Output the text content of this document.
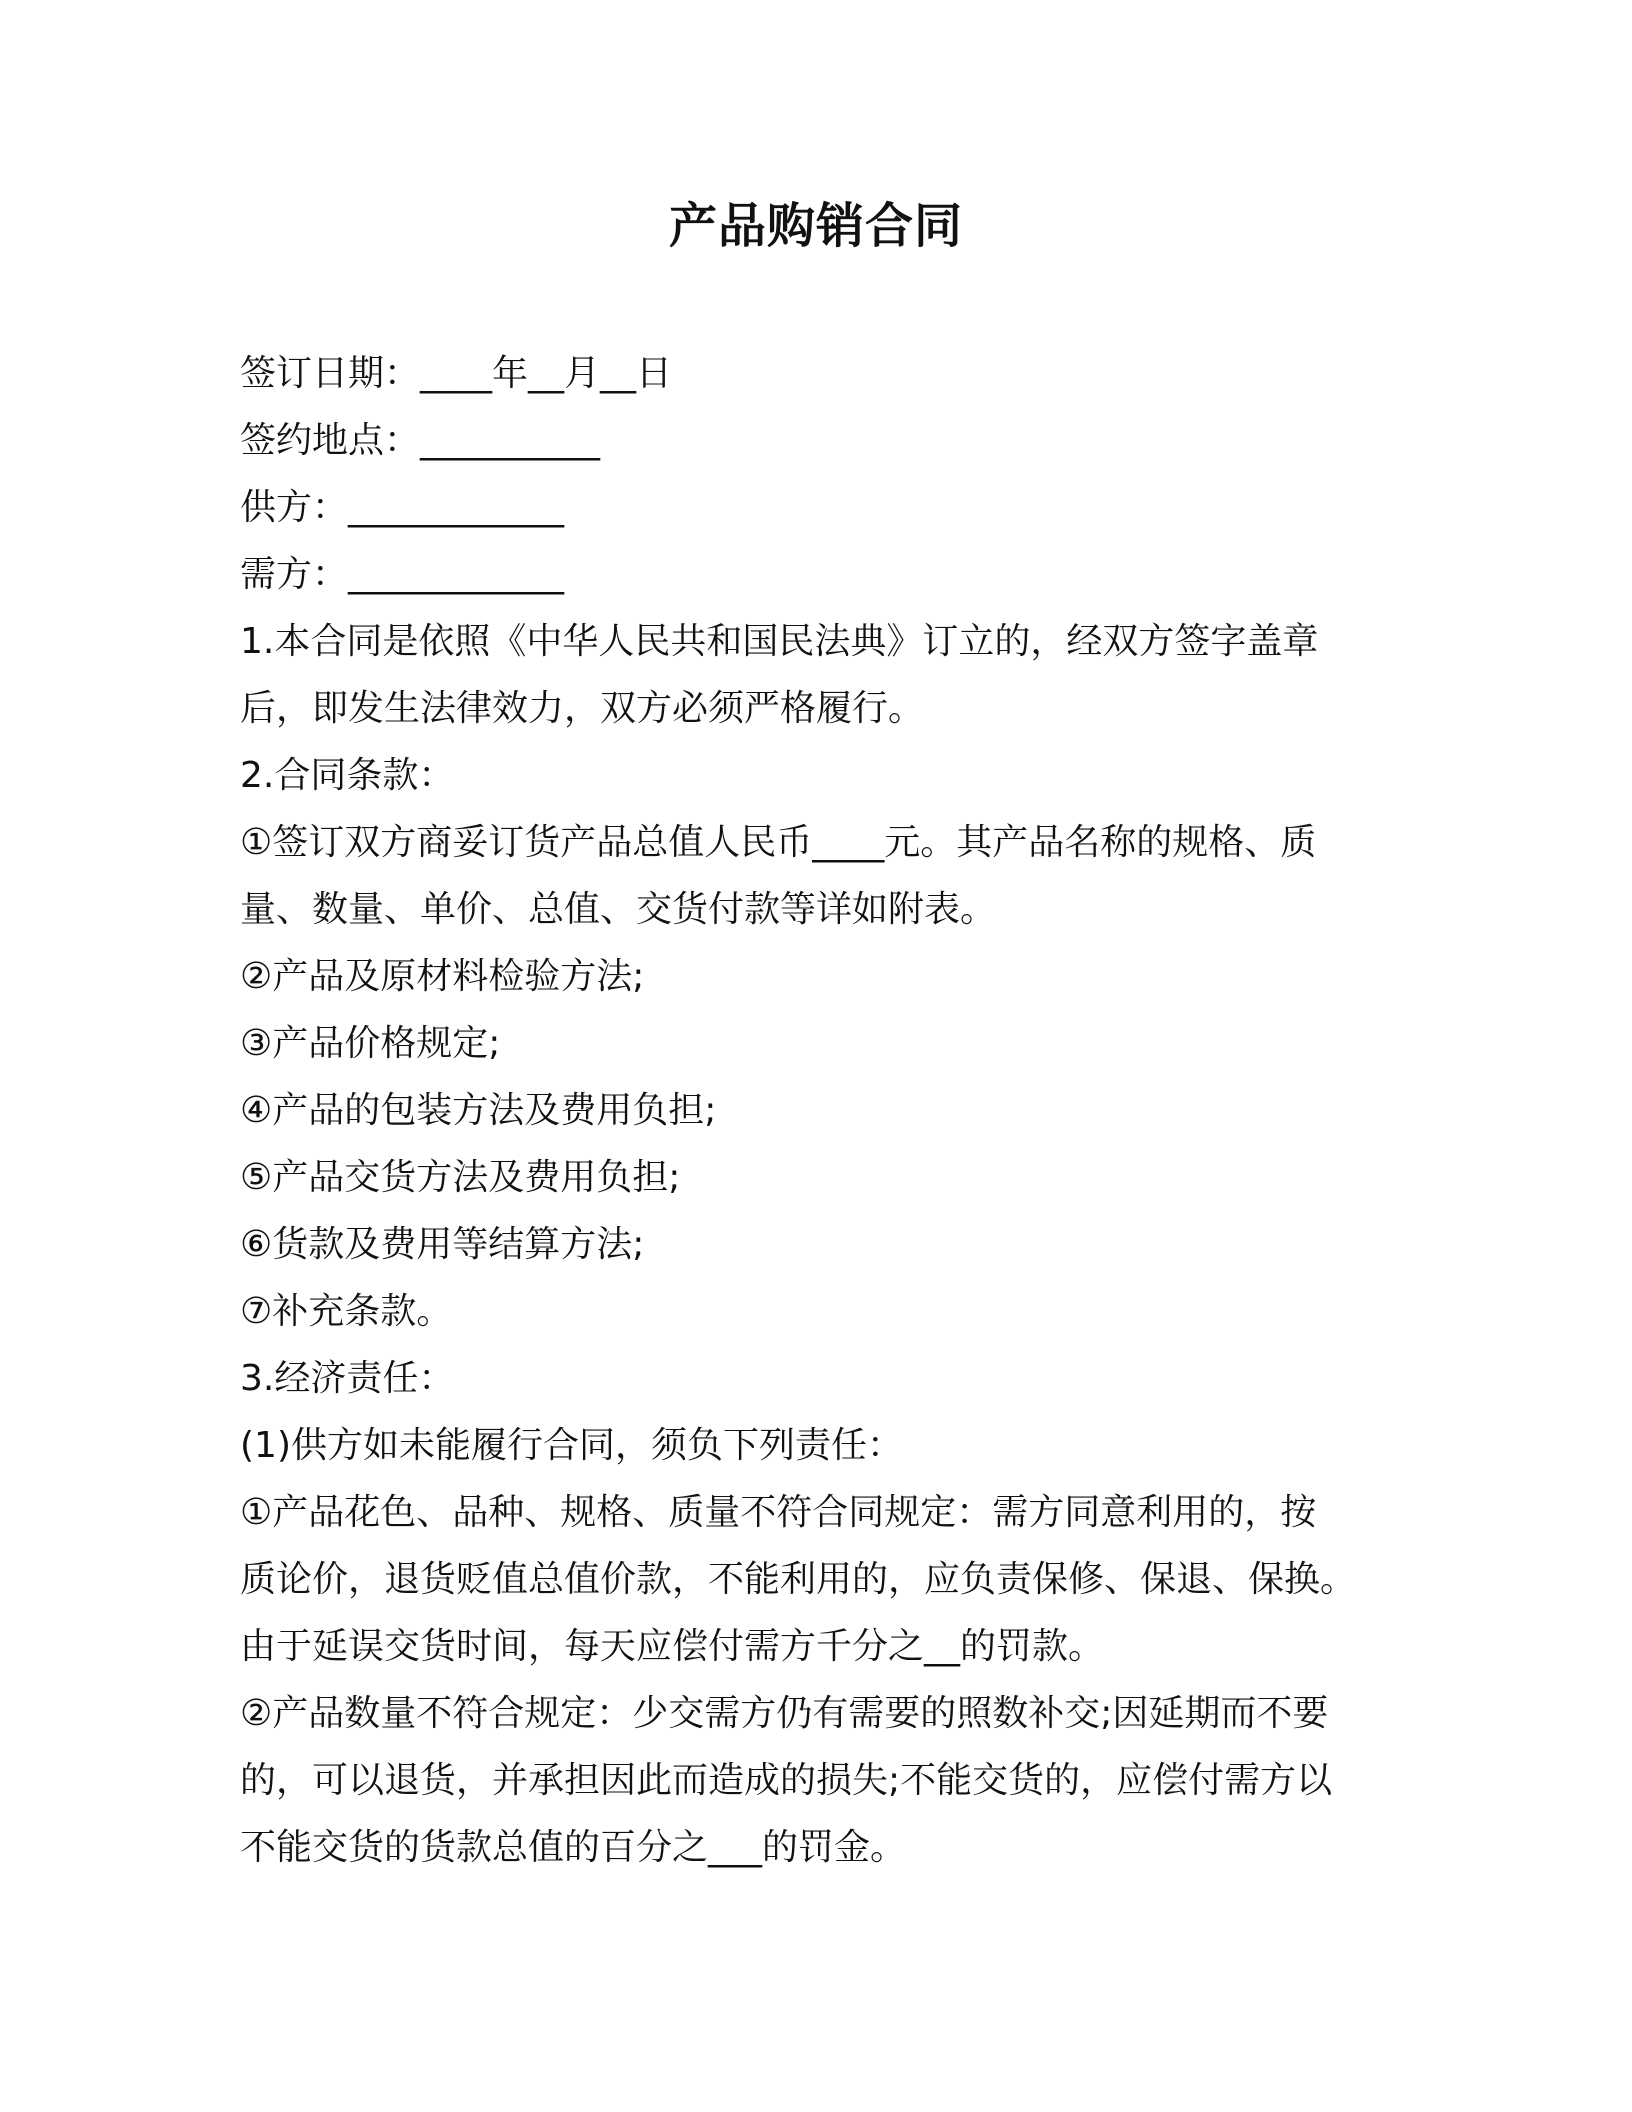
产品购销合同
签订日期：____年__月__日
签约地点：__________
供方：____________
需方：____________
1.本合同是依照《中华人民共和国民法典》订立的，经双方签字盖章
后，即发生法律效力，双方必须严格履行。
2.合同条款：
①签订双方商妥订货产品总值人民币____元。其产品名称的规格、质
量、数量、单价、总值、交货付款等详如附表。
②产品及原材料检验方法;
③产品价格规定;
④产品的包装方法及费用负担;
⑤产品交货方法及费用负担;
⑥货款及费用等结算方法;
⑦补充条款。
3.经济责任：
(1)供方如未能履行合同，须负下列责任：
①产品花色、品种、规格、质量不符合同规定：需方同意利用的，按
质论价，退货贬值总值价款，不能利用的，应负责保修、保退、保换。
由于延误交货时间，每天应偿付需方千分之__的罚款。
②产品数量不符合规定：少交需方仍有需要的照数补交;因延期而不要
的，可以退货，并承担因此而造成的损失;不能交货的，应偿付需方以
不能交货的货款总值的百分之___的罚金。
